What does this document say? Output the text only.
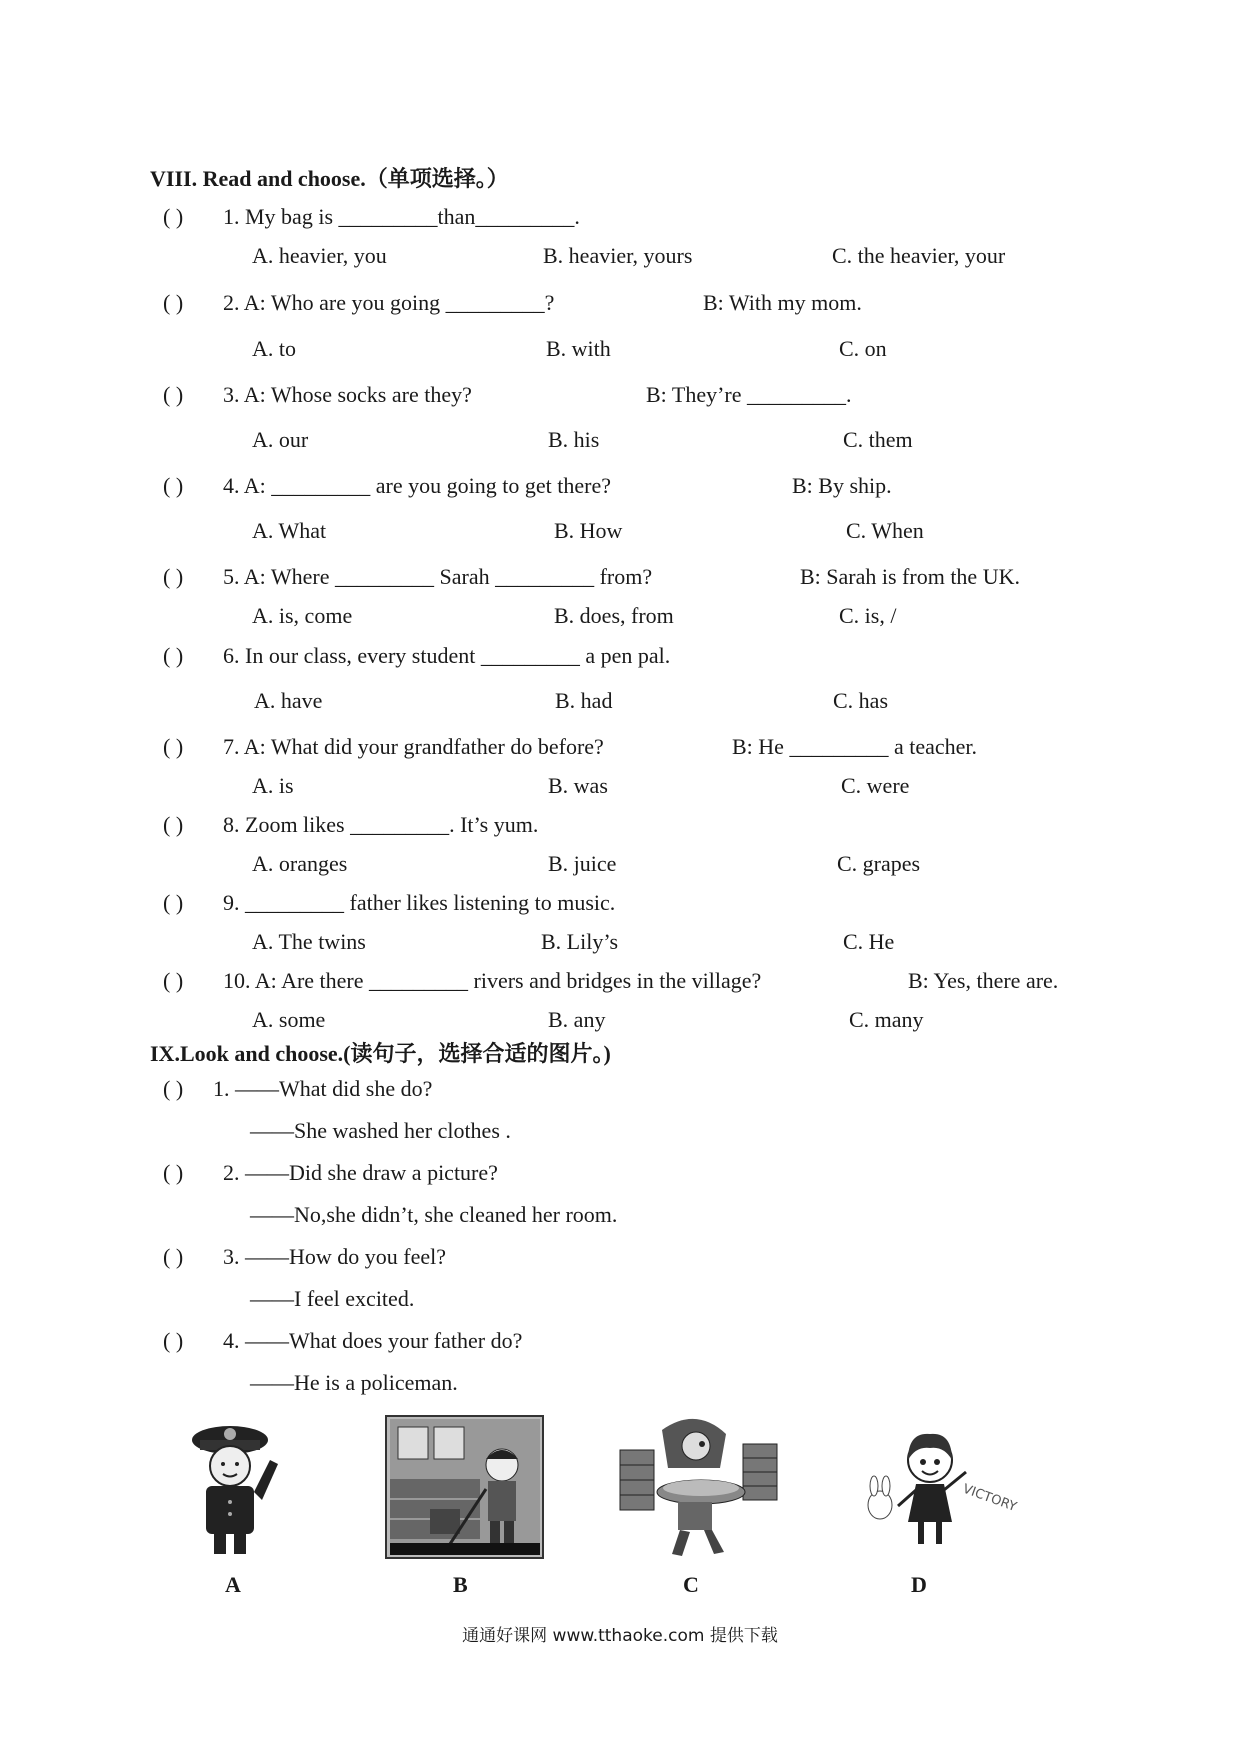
VIII. Read and choose.（单项选择。）
( ) 1. My bag is _________than_________.
A. heavier, you	B. heavier, yours	C. the heavier, your
( ) 2. A: Who are you going _________?	B: With my mom.
A. to	B. with	C. on
( ) 3. A: Whose socks are they?	B: They’re _________.
A. our	B. his	C. them
( ) 4. A: _________ are you going to get there?	B: By ship.
A. What	B. How	C. When
( ) 5. A: Where _________ Sarah _________ from?	B: Sarah is from the UK.
A. is, come	B. does, from	C. is, /
( ) 6. In our class, every student _________ a pen pal.
A. have	B. had	C. has
( ) 7. A: What did your grandfather do before?	B: He _________ a teacher.
A. is	B. was	C. were
( ) 8. Zoom likes _________. It’s yum.
A. oranges	B. juice	C. grapes
( ) 9. _________ father likes listening to music.
A. The twins	B. Lily’s	C. He
( ) 10. A: Are there _________ rivers and bridges in the village?	B: Yes, there are.
A. some	B. any	C. many
IX.Look and choose.(读句子，选择合适的图片。)
( ) 1. ——What did she do?
——She washed her clothes .
( ) 2. ——Did she draw a picture?
——No,she didn’t, she cleaned her room.
( ) 3. ——How do you feel?
——I feel excited.
( ) 4. ——What does your father do?
——He is a policeman.
A	B	C
VICTORY
D
通通好课网 www.tthaoke.com 提供下载
